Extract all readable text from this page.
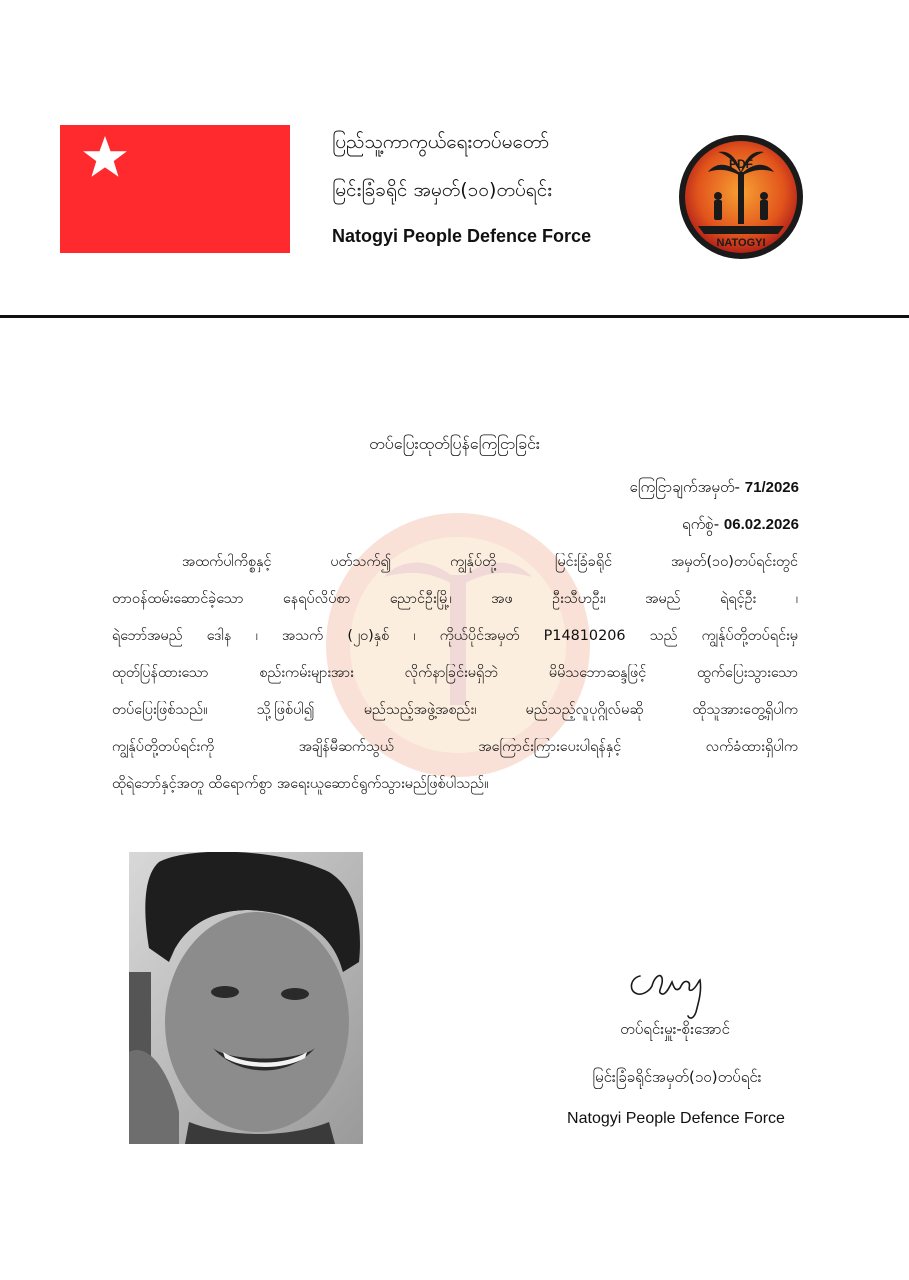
ပြည်သူ့ကာကွယ်ရေးတပ်မတော်
မြင်းခြံခရိုင် အမှတ်(၁၀)တပ်ရင်း
Natogyi People Defence Force
PDF
NATOGYI
တပ်ပြေးထုတ်ပြန်ကြေငြာခြင်း
ကြေငြာချက်အမှတ်- 71/2026
ရက်စွဲ- 06.02.2026
အထက်ပါကိစ္စနှင့် ပတ်သက်၍ ကျွန်ုပ်တို့ မြင်းခြံခရိုင် အမှတ်(၁၀)တပ်ရင်းတွင်
တာဝန်ထမ်းဆောင်ခဲ့သော နေရပ်လိပ်စာ ညောင်ဦးမြို့၊ အဖ ဦးသီဟဦး၊ အမည် ရဲရင့်ဦး ၊
ရဲဘော်အမည် ဒေါန ၊ အသက် (၂၀)နှစ် ၊ ကိုယ်ပိုင်အမှတ် P14810206 သည် ကျွန်ုပ်တို့တပ်ရင်းမှ
ထုတ်ပြန်ထားသော စည်းကမ်းများအား လိုက်နာခြင်းမရှိဘဲ မိမိသဘောဆန္ဒဖြင့် ထွက်ပြေးသွားသော
တပ်ပြေးဖြစ်သည်။ သို့ဖြစ်ပါ၍ မည်သည့်အဖွဲ့အစည်း၊ မည်သည့်လူပုဂ္ဂိုလ်မဆို ထိုသူအားတွေ့ရှိပါက
ကျွန်ုပ်တို့တပ်ရင်းကို အချိန်မီဆက်သွယ် အကြောင်းကြားပေးပါရန်နှင့် လက်ခံထားရှိပါက
ထိုရဲဘော်နှင့်အတူ ထိရောက်စွာ အရေးယူဆောင်ရွက်သွားမည်ဖြစ်ပါသည်။
တပ်ရင်းမှူး-စိုးအောင်
မြင်းခြံခရိုင်အမှတ်(၁၀)တပ်ရင်း
Natogyi People Defence Force
